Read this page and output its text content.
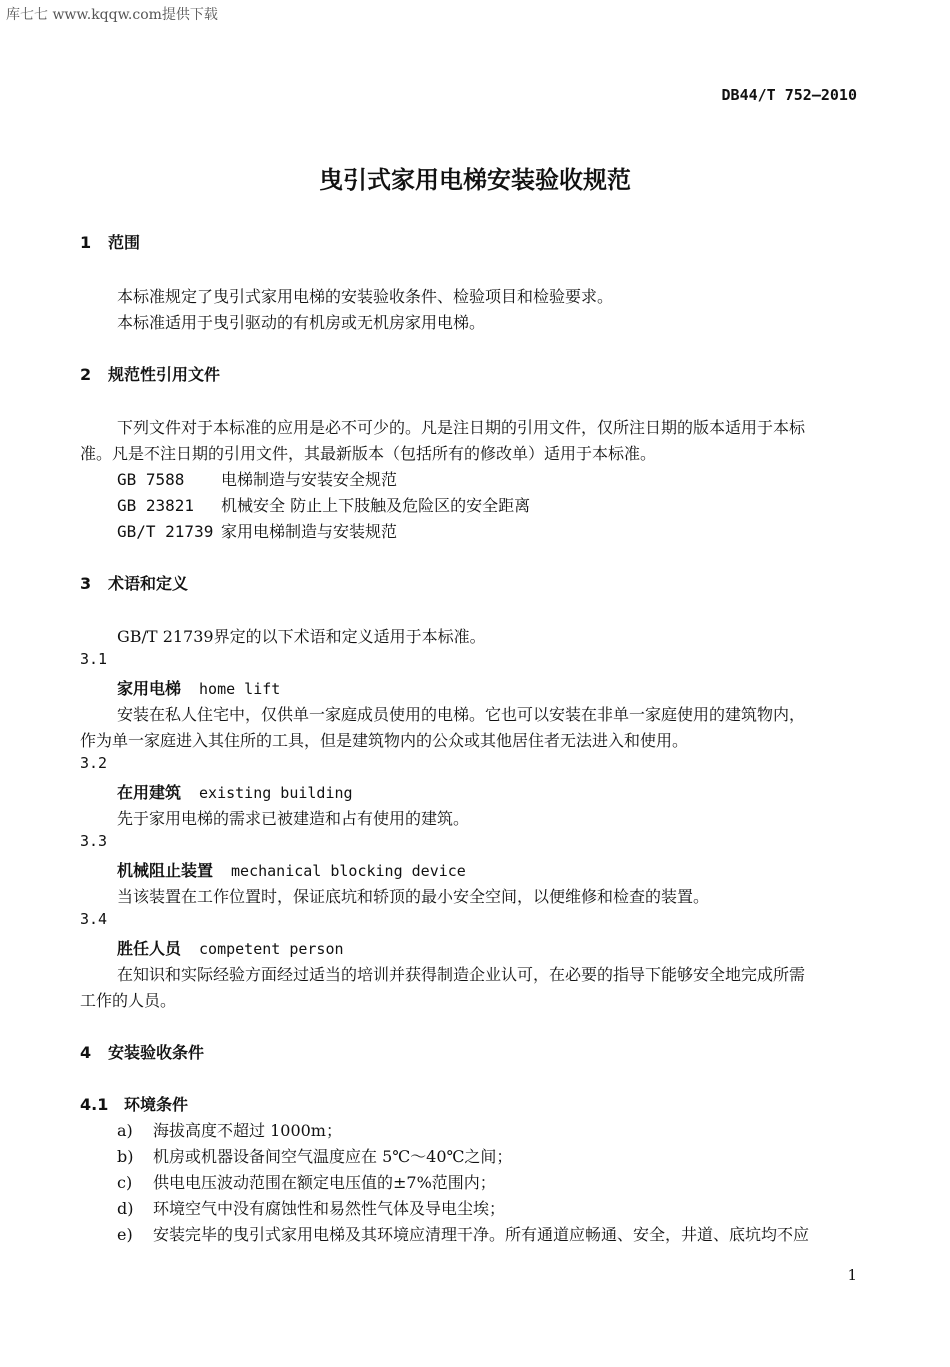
库七七 www.kqqw.com提供下载
DB44/T 752—2010
曳引式家用电梯安装验收规范
1 范围
本标准规定了曳引式家用电梯的安装验收条件、检验项目和检验要求。
本标准适用于曳引驱动的有机房或无机房家用电梯。
2 规范性引用文件
下列文件对于本标准的应用是必不可少的。凡是注日期的引用文件，仅所注日期的版本适用于本标
准。凡是不注日期的引用文件，其最新版本（包括所有的修改单）适用于本标准。
GB 7588 电梯制造与安装安全规范
GB 23821 机械安全 防止上下肢触及危险区的安全距离
GB/T 21739 家用电梯制造与安装规范
3 术语和定义
GB/T 21739界定的以下术语和定义适用于本标准。
3.1
家用电梯 home lift
安装在私人住宅中，仅供单一家庭成员使用的电梯。它也可以安装在非单一家庭使用的建筑物内，
作为单一家庭进入其住所的工具，但是建筑物内的公众或其他居住者无法进入和使用。
3.2
在用建筑 existing building
先于家用电梯的需求已被建造和占有使用的建筑。
3.3
机械阻止装置 mechanical blocking device
当该装置在工作位置时，保证底坑和轿顶的最小安全空间，以便维修和检查的装置。
3.4
胜任人员 competent person
在知识和实际经验方面经过适当的培训并获得制造企业认可，在必要的指导下能够安全地完成所需
工作的人员。
4 安装验收条件
4.1 环境条件
a) 海拔高度不超过 1000m；
b) 机房或机器设备间空气温度应在 5℃～40℃之间；
c) 供电电压波动范围在额定电压值的±7%范围内；
d) 环境空气中没有腐蚀性和易然性气体及导电尘埃；
e) 安装完毕的曳引式家用电梯及其环境应清理干净。所有通道应畅通、安全，井道、底坑均不应
1
